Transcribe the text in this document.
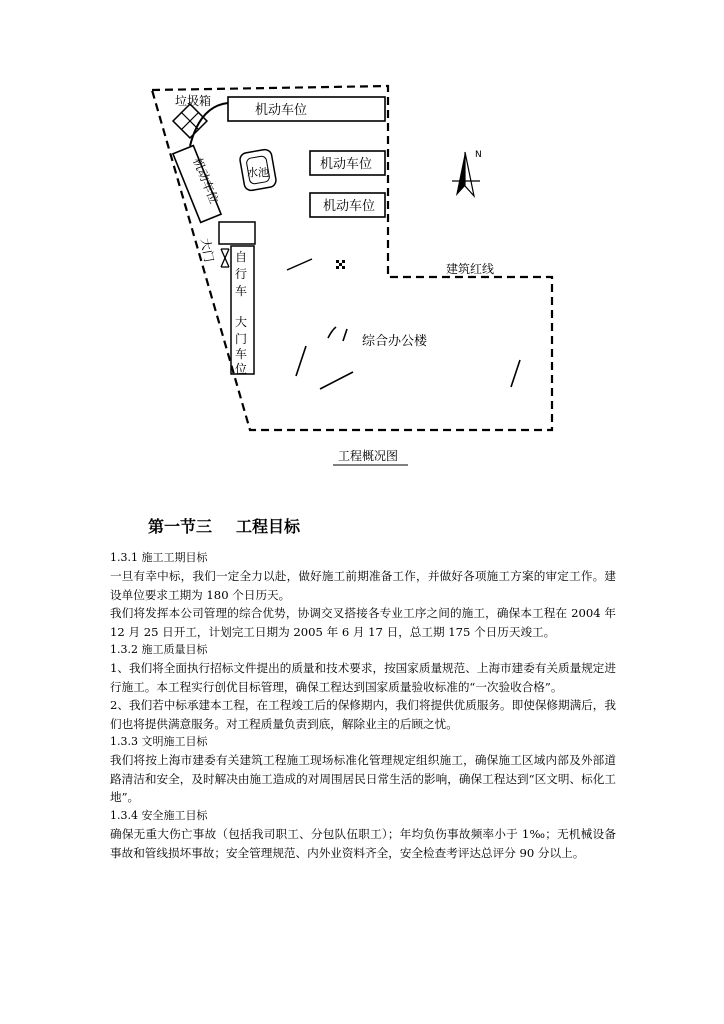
垃圾箱
机动车位
机动车位 水池
机动车位
机动车位
N
大门 自
行
车
大
门
车
位
建筑红线
综合办公楼
工程概况图
第一节三 工程目标

1.3.1 施工工期目标

一旦有幸中标，我们一定全力以赴，做好施工前期准备工作，并做好各项施工方案的审定工作。建设单位要求工期为 180 个日历天。

我们将发挥本公司管理的综合优势，协调交叉搭接各专业工序之间的施工，确保本工程在 2004 年 12 月 25 日开工，计划完工日期为 2005 年 6 月 17 日，总工期 175 个日历天竣工。

1.3.2 施工质量目标

1、我们将全面执行招标文件提出的质量和技术要求，按国家质量规范、上海市建委有关质量规定进行施工。本工程实行创优目标管理，确保工程达到国家质量验收标准的“一次验收合格”。

2、我们若中标承建本工程，在工程竣工后的保修期内，我们将提供优质服务。即使保修期满后，我们也将提供满意服务。对工程质量负责到底，解除业主的后顾之忧。

1.3.3 文明施工目标

我们将按上海市建委有关建筑工程施工现场标准化管理规定组织施工，确保施工区域内部及外部道路清洁和安全，及时解决由施工造成的对周围居民日常生活的影响，确保工程达到“区文明、标化工地”。

1.3.4 安全施工目标

确保无重大伤亡事故（包括我司职工、分包队伍职工）；年均负伤事故频率小于 1‰；无机械设备事故和管线损坏事故；安全管理规范、内外业资料齐全，安全检查考评达总评分 90 分以上。
